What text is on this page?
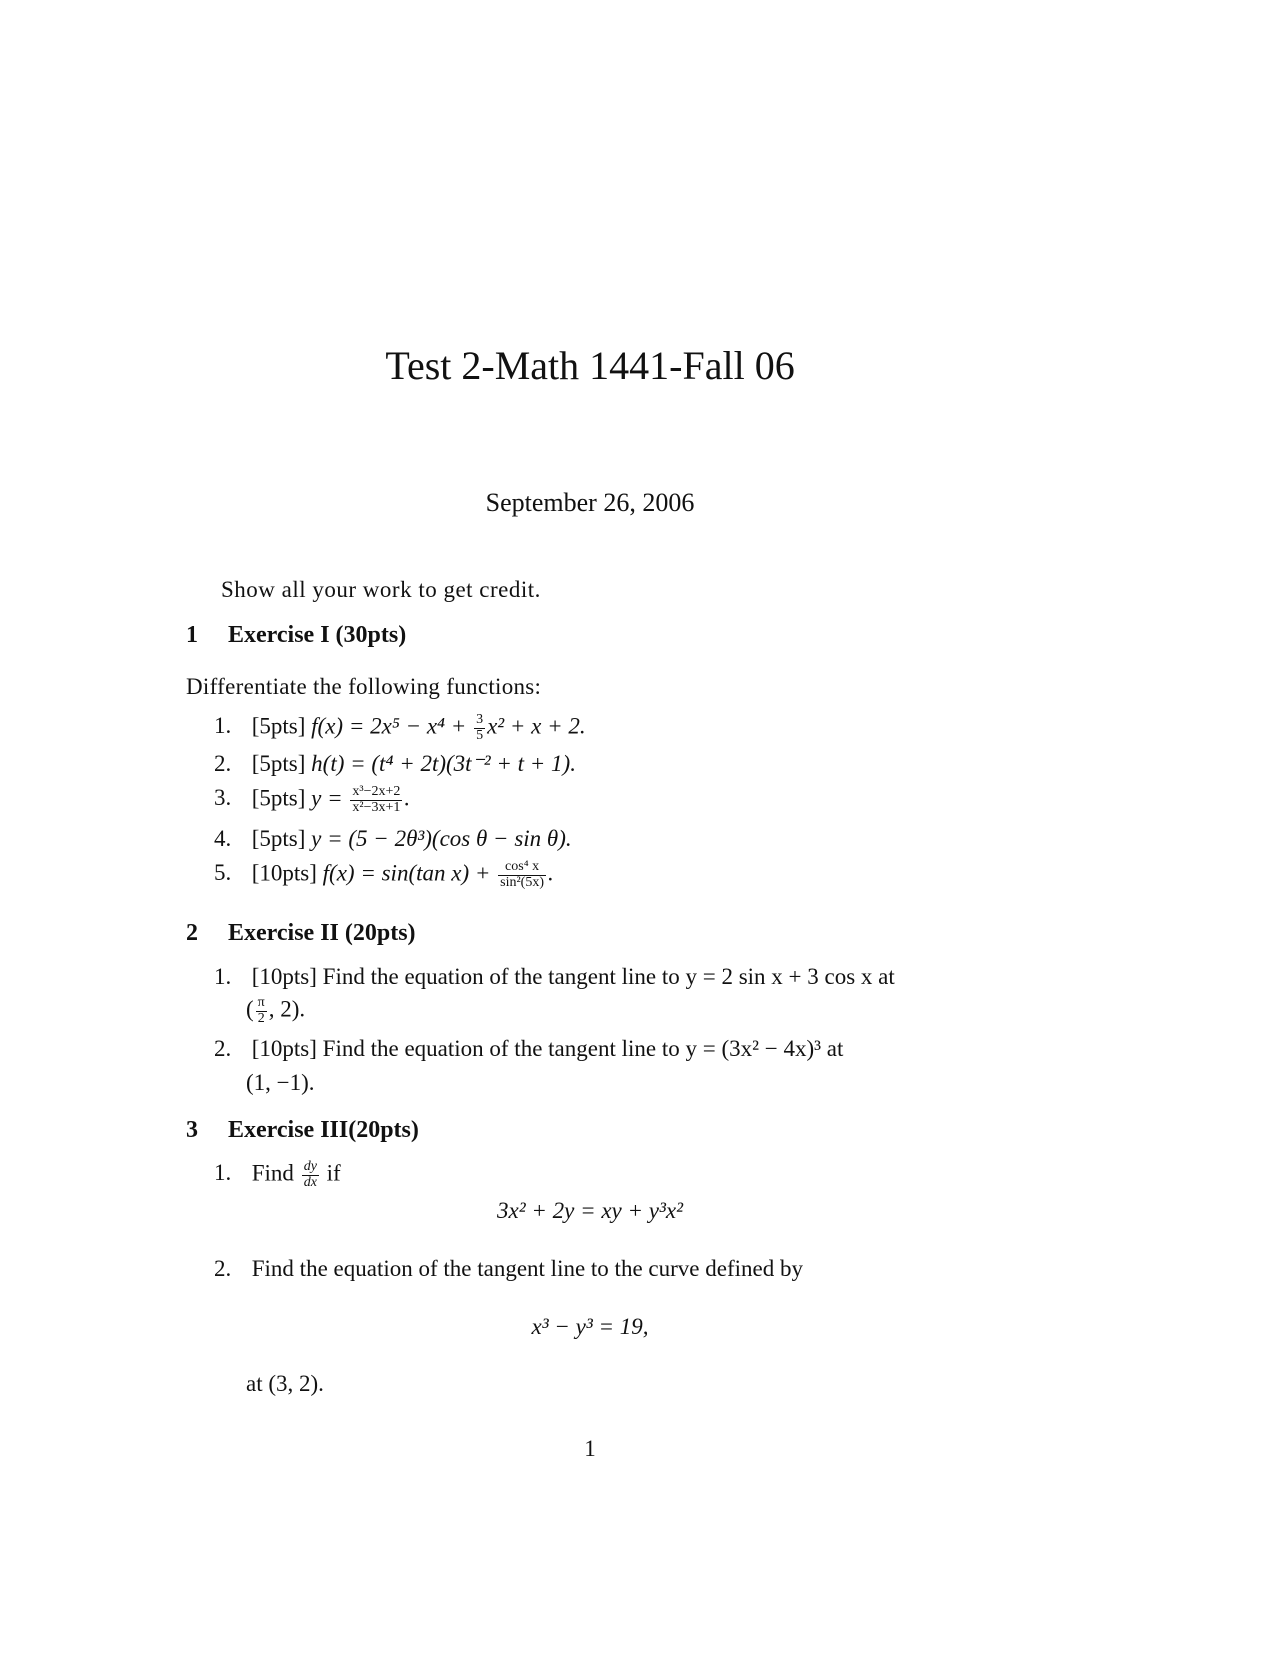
Test 2-Math 1441-Fall 06
September 26, 2006
Show all your work to get credit.
1 Exercise I (30pts)
Differentiate the following functions:
1. [5pts] $f(x) = 2x^5 - x^4 + \frac{3}{5} x^2 + x + 2$.
2. [5pts] h(t) = (t⁴ + 2t)(3t⁻² + t + 1).
3. [5pts] $y = \frac{\text{x³−2x+2}}{\text{x²−3x+1}}$ .
4. [5pts] y = (5 − 2θ³)(cos θ − sin θ).
5. [10pts] f(x) = sin(tan $x) + \frac{\text{cos⁴ x}}{\text{sin²(5x)}}$ .
2 Exercise II (20pts)
1. [10pts] Find the equation of the tangent line to y = 2 sin x + 3 cos x at
( $\frac{\pi}{2}$ , 2).
2. [10pts] Find the equation of the tangent line to y = (3x² − 4x)³ at
(1, −1).
3 Exercise III(20pts)
1. Find $\frac{dy}{dx}$ if
3x² + 2y = xy + y³x²
2. Find the equation of the tangent line to the curve defined by
x³ − y³ = 19,
at (3, 2).
1
